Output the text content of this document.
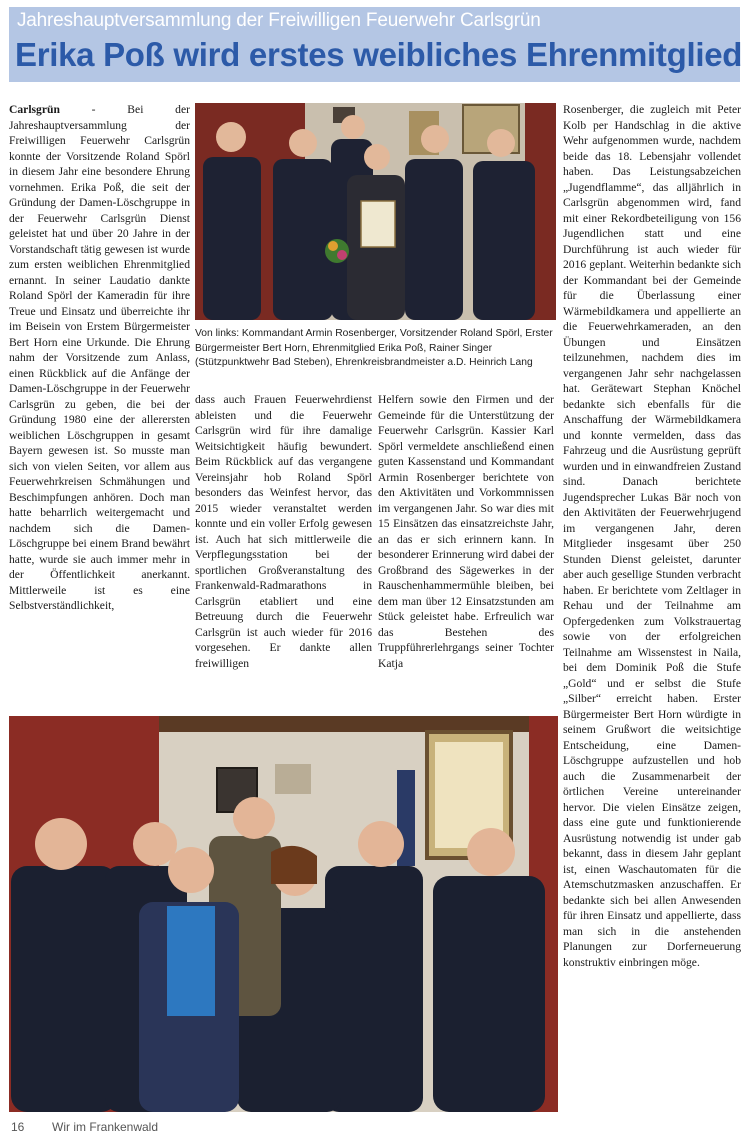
Jahreshauptversammlung der Freiwilligen Feuerwehr Carlsgrün
Erika Poß wird erstes weibliches Ehrenmitglied

Carlsgrün - Bei der Jahreshauptversammlung der Freiwilligen Feuerwehr Carlsgrün konnte der Vorsitzende Roland Spörl in diesem Jahr eine besondere Ehrung vornehmen. Erika Poß, die seit der Gründung der Damen-Löschgruppe in der Feuerwehr Carlsgrün Dienst geleistet hat und über 20 Jahre in der Vorstandschaft tätig gewesen ist wurde zum ersten weiblichen Ehrenmitglied ernannt. In seiner Laudatio dankte Roland Spörl der Kameradin für ihre Treue und Einsatz und überreichte ihr im Beisein von Erstem Bürgermeister Bert Horn eine Urkunde. Die Ehrung nahm der Vorsitzende zum Anlass, einen Rückblick auf die Anfänge der Damen-Löschgruppe in der Feuerwehr Carlsgrün zu geben, die bei der Gründung 1980 eine der allerersten weiblichen Löschgruppen in gesamt Bayern gewesen ist. So musste man sich von vielen Seiten, vor allem aus Feuerwehrkreisen Schmähungen und Beschimpfungen anhören. Doch man hatte beharrlich weitergemacht und nachdem sich die Damen-Löschgruppe bei einem Brand bewährt hatte, wurde sie auch immer mehr in der Öffentlichkeit anerkannt. Mittlerweile ist es eine Selbstverständlichkeit,

Von links: Kommandant Armin Rosenberger, Vorsitzender Roland Spörl, Erster Bürgermeister Bert Horn, Ehrenmitglied Erika Poß, Rainer Singer (Stützpunktwehr Bad Steben), Ehrenkreisbrandmeister a.D. Heinrich Lang

dass auch Frauen Feuerwehrdienst ableisten und die Feuerwehr Carlsgrün wird für ihre damalige Weitsichtigkeit häufig bewundert. Beim Rückblick auf das vergangene Vereinsjahr hob Roland Spörl besonders das Weinfest hervor, das 2015 wieder veranstaltet werden konnte und ein voller Erfolg gewesen ist. Auch hat sich mittlerweile die Verpflegungsstation bei der sportlichen Großveranstaltung des Frankenwald-Radmarathons in Carlsgrün etabliert und eine Betreuung durch die Feuerwehr Carlsgrün ist auch wieder für 2016 vorgesehen. Er dankte allen freiwilligen

Helfern sowie den Firmen und der Gemeinde für die Unterstützung der Feuerwehr Carlsgrün. Kassier Karl Spörl vermeldete anschließend einen guten Kassenstand und Kommandant Armin Rosenberger berichtete von den Aktivitäten und Vorkommnissen im vergangenen Jahr. So war dies mit 15 Einsätzen das einsatzreichste Jahr, an das er sich erinnern kann. In besonderer Erinnerung wird dabei der Großbrand des Sägewerkes in der Rauschenhammermühle bleiben, bei dem man über 12 Einsatzstunden am Stück geleistet habe. Erfreulich war das Bestehen des Truppführerlehrgangs seiner Tochter Katja

Rosenberger, die zugleich mit Peter Kolb per Handschlag in die aktive Wehr aufgenommen wurde, nachdem beide das 18. Lebensjahr vollendet haben. Das Leistungsabzeichen „Jugendflamme“, das alljährlich in Carlsgrün abgenommen wird, fand mit einer Rekordbeteiligung von 156 Jugendlichen statt und eine Durchführung ist auch wieder für 2016 geplant. Weiterhin bedankte sich der Kommandant bei der Gemeinde für die Überlassung einer Wärmebildkamera und appellierte an die Feuerwehrkameraden, an den Übungen und Einsätzen teilzunehmen, nachdem dies im vergangenen Jahr sehr nachgelassen hat. Gerätewart Stephan Knöchel bedankte sich ebenfalls für die Anschaffung der Wärmebildkamera und konnte vermelden, dass das Fahrzeug und die Ausrüstung geprüft wurden und in einwandfreien Zustand sind. Danach berichtete Jugendsprecher Lukas Bär noch von den Aktivitäten der Feuerwehrjugend im vergangenen Jahr, deren Mitglieder insgesamt über 250 Stunden Dienst geleistet, darunter aber auch gesellige Stunden verbracht haben. Er berichtete vom Zeltlager in Rehau und der Teilnahme am Opfergedenken zum Volkstrauertag sowie von der erfolgreichen Teilnahme am Wissenstest in Naila, bei dem Dominik Poß die Stufe „Gold“ und er selbst die Stufe „Silber“ erreicht haben. Erster Bürgermeister Bert Horn würdigte in seinem Grußwort die weitsichtige Entscheidung, eine Damen-Löschgruppe aufzustellen und hob auch die Zusammenarbeit der örtlichen Vereine untereinander hervor. Die vielen Einsätze zeigen, dass eine gute und funktionierende Ausrüstung notwendig ist under gab bekannt, dass in diesem Jahr geplant ist, einen Waschautomaten für die Atemschutzmasken anzuschaffen. Er bedankte sich bei allen Anwesenden für ihren Einsatz und appellierte, dass man sich in die anstehenden Planungen zur Dorferneuerung konstruktiv einbringen möge.

16 Wir im Frankenwald
